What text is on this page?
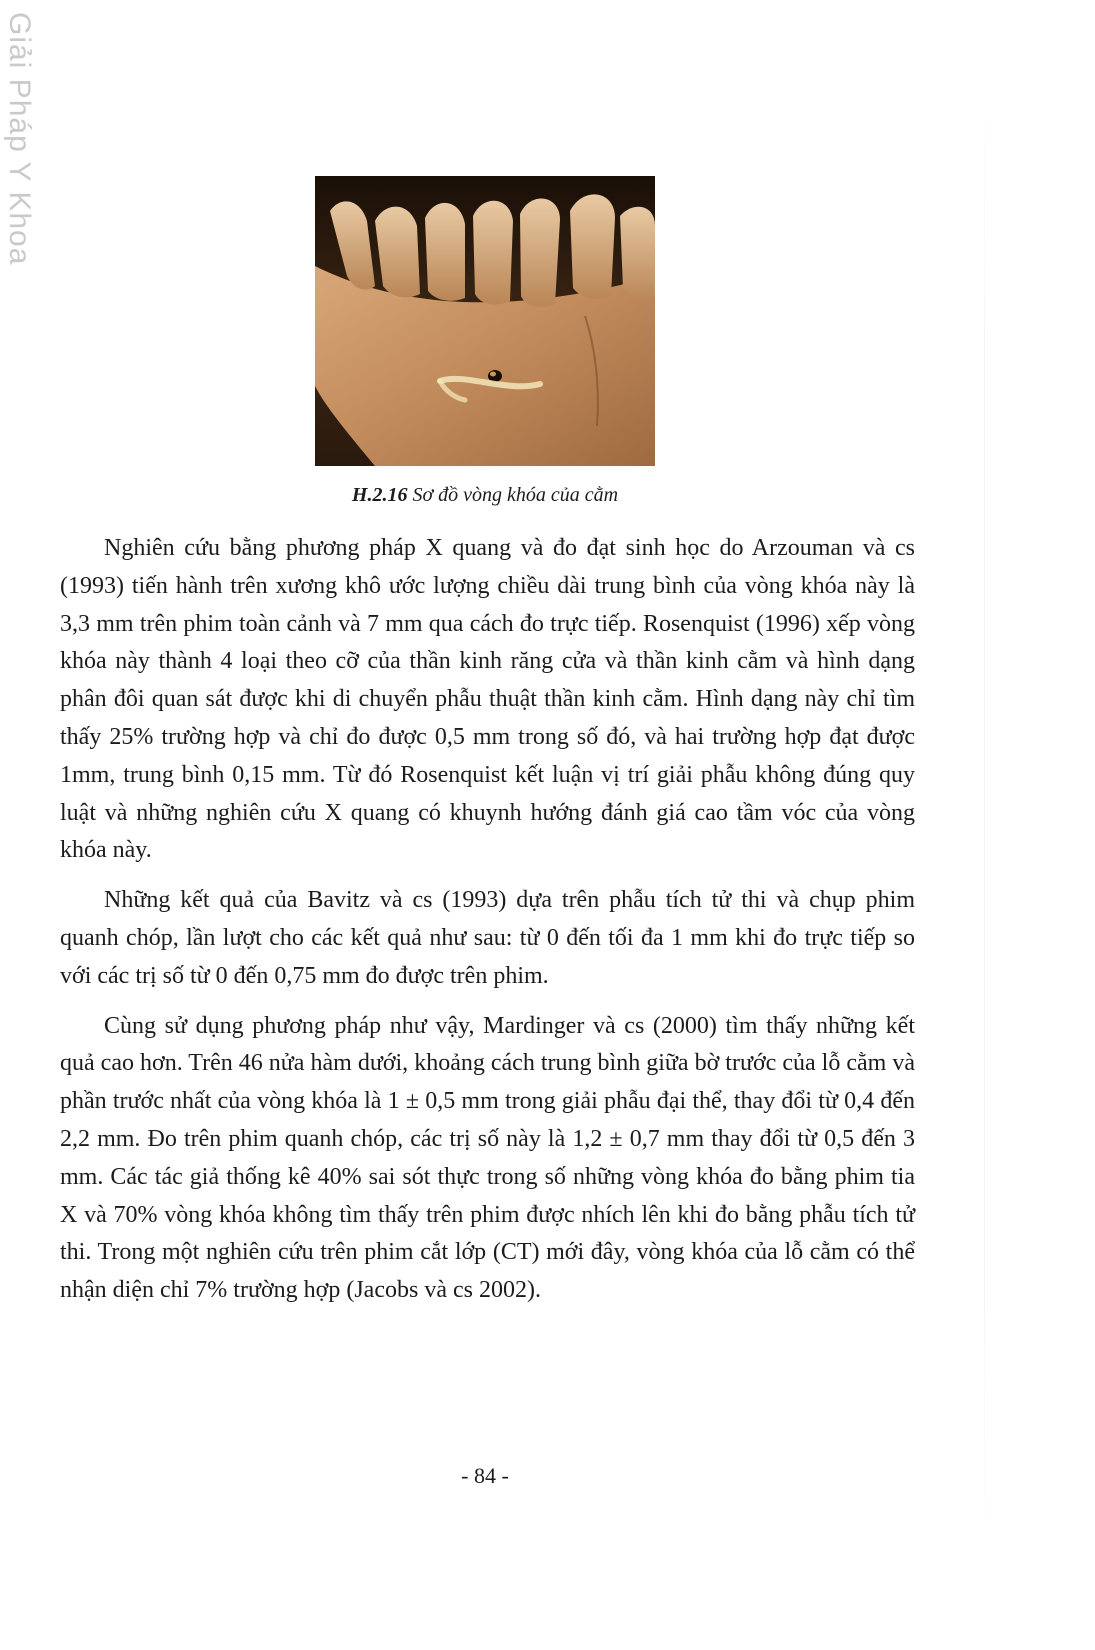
Giải Pháp Y Khoa
H.2.16 Sơ đồ vòng khóa của cằm

Nghiên cứu bằng phương pháp X quang và đo đạt sinh học do Arzouman và cs (1993) tiến hành trên xương khô ước lượng chiều dài trung bình của vòng khóa này là 3,3 mm trên phim toàn cảnh và 7 mm qua cách đo trực tiếp. Rosenquist (1996) xếp vòng khóa này thành 4 loại theo cỡ của thần kinh răng cửa và thần kinh cằm và hình dạng phân đôi quan sát được khi di chuyển phẫu thuật thần kinh cằm. Hình dạng này chỉ tìm thấy 25% trường hợp và chỉ đo được 0,5 mm trong số đó, và hai trường hợp đạt được 1mm, trung bình 0,15 mm. Từ đó Rosenquist kết luận vị trí giải phẫu không đúng quy luật và những nghiên cứu X quang có khuynh hướng đánh giá cao tầm vóc của vòng khóa này.

Những kết quả của Bavitz và cs (1993) dựa trên phẫu tích tử thi và chụp phim quanh chóp, lần lượt cho các kết quả như sau: từ 0 đến tối đa 1 mm khi đo trực tiếp so với các trị số từ 0 đến 0,75 mm đo được trên phim.

Cùng sử dụng phương pháp như vậy, Mardinger và cs (2000) tìm thấy những kết quả cao hơn. Trên 46 nửa hàm dưới, khoảng cách trung bình giữa bờ trước của lỗ cằm và phần trước nhất của vòng khóa là 1 ± 0,5 mm trong giải phẫu đại thể, thay đổi từ 0,4 đến 2,2 mm. Đo trên phim quanh chóp, các trị số này là 1,2 ± 0,7 mm thay đổi từ 0,5 đến 3 mm. Các tác giả thống kê 40% sai sót thực trong số những vòng khóa đo bằng phim tia X và 70% vòng khóa không tìm thấy trên phim được nhích lên khi đo bằng phẫu tích tử thi. Trong một nghiên cứu trên phim cắt lớp (CT) mới đây, vòng khóa của lỗ cằm có thể nhận diện chỉ 7% trường hợp (Jacobs và cs 2002).

- 84 -
